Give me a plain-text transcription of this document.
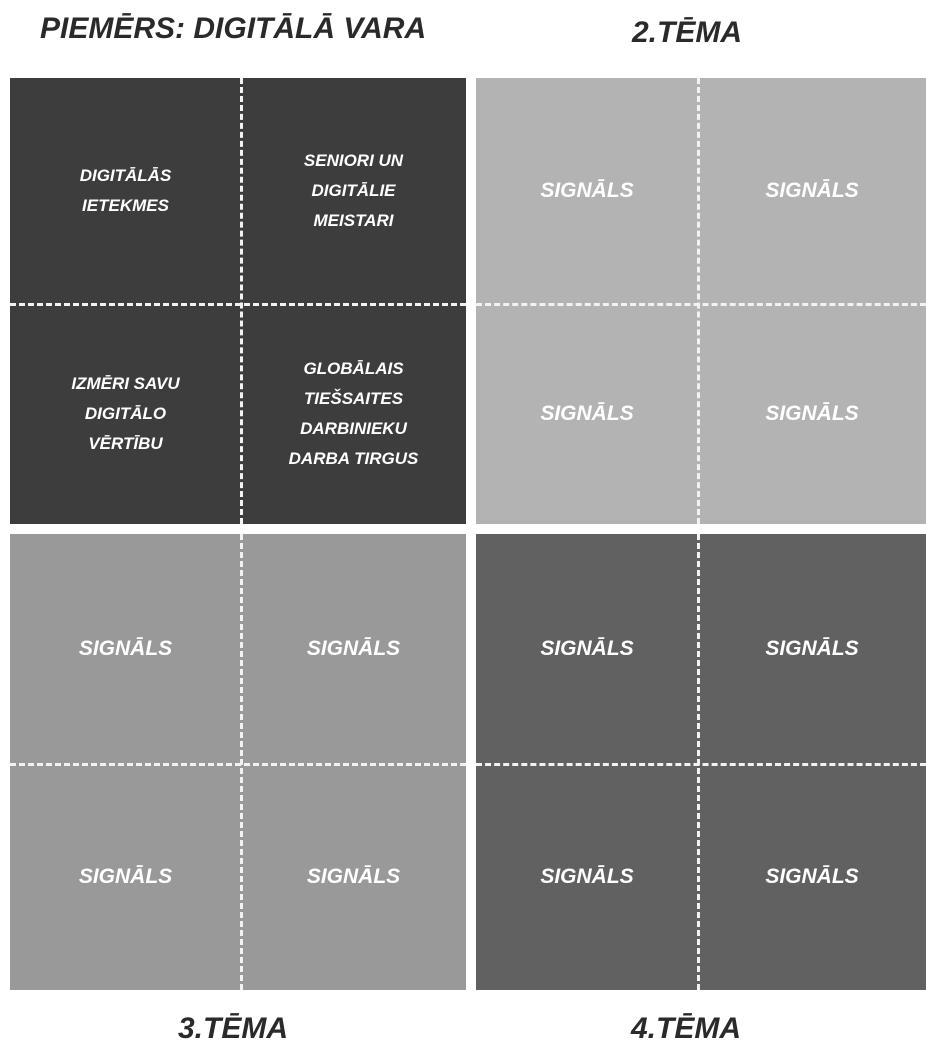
PIEMĒRS: DIGITĀLĀ VARA	2.TĒMA
DIGITĀLĀS IETEKMES
SENIORI UN DIGITĀLIE MEISTARI
IZMĒRI SAVU DIGITĀLO VĒRTĪBU
GLOBĀLAIS TIEŠSAITES DARBINIEKU DARBA TIRGUS
SIGNĀLS	SIGNĀLS
SIGNĀLS	SIGNĀLS
SIGNĀLS	SIGNĀLS
SIGNĀLS	SIGNĀLS
SIGNĀLS	SIGNĀLS
SIGNĀLS	SIGNĀLS
3.TĒMA	4.TĒMA
